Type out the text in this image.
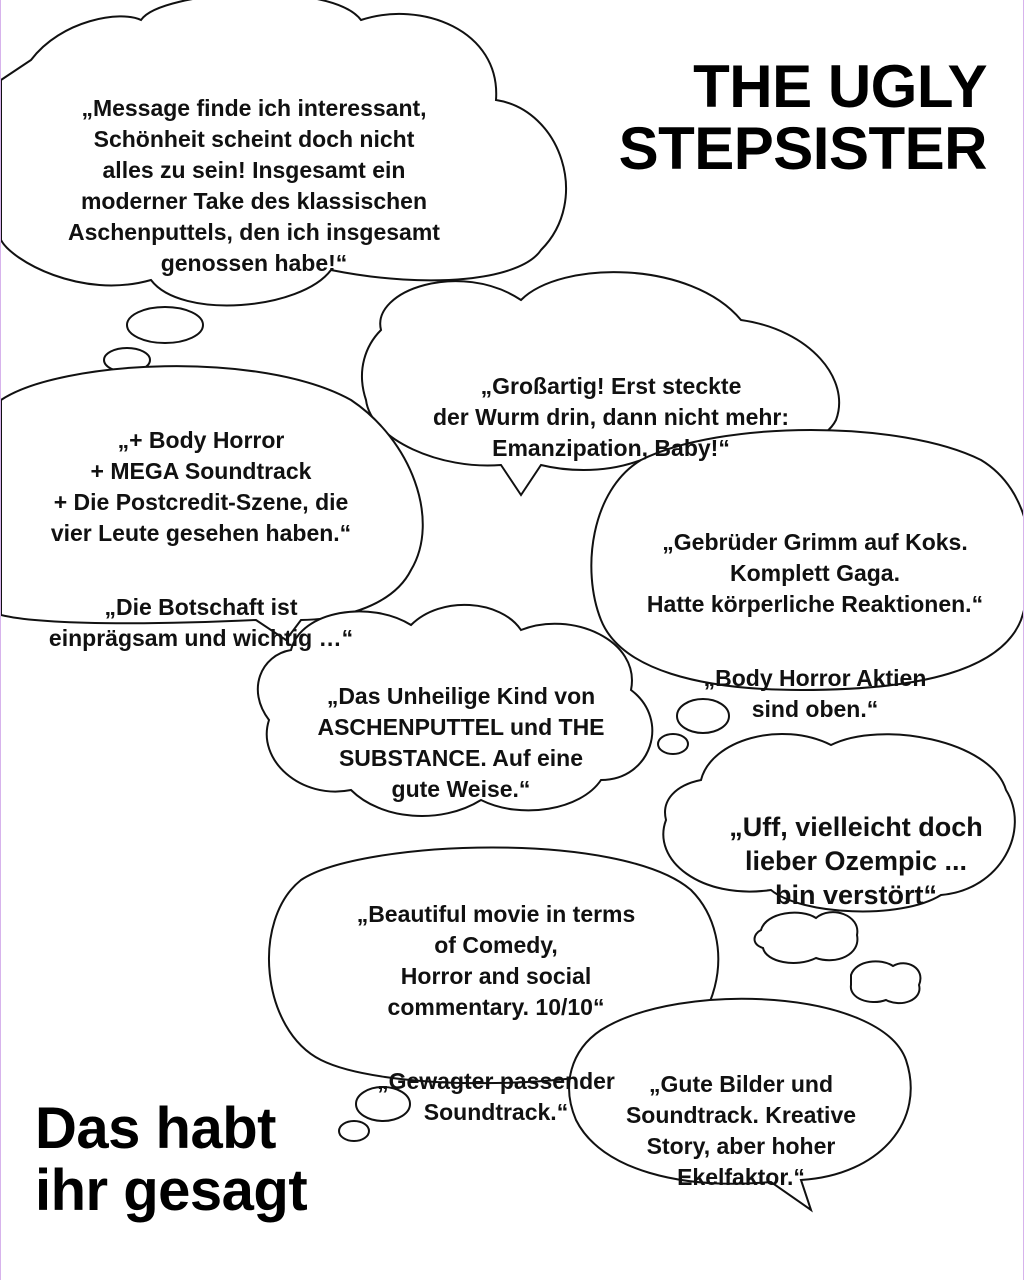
THE UGLY
STEPSISTER

„Message finde ich interessant,
Schönheit scheint doch nicht
alles zu sein! Insgesamt ein
moderner Take des klassischen
Aschenputtels, den ich insgesamt
genossen habe!“

„Großartig! Erst steckte
der Wurm drin, dann nicht mehr:
Emanzipation, Baby!“

„+ Body Horror
+ MEGA Soundtrack
+ Die Postcredit-Szene, die
vier Leute gesehen haben.“

„Die Botschaft ist
einprägsam und wichtig …“

„Gebrüder Grimm auf Koks.
Komplett Gaga.
Hatte körperliche Reaktionen.“

„Body Horror Aktien
sind oben.“

„Das Unheilige Kind von
ASCHENPUTTEL und THE
SUBSTANCE. Auf eine
gute Weise.“

„Uff, vielleicht doch
lieber Ozempic ...
bin verstört“

„Beautiful movie in terms
of Comedy,
Horror and social
commentary. 10/10“

„Gewagter passender
Soundtrack.“

„Gute Bilder und
Soundtrack. Kreative
Story, aber hoher
Ekelfaktor.“

Das habt
ihr gesagt
